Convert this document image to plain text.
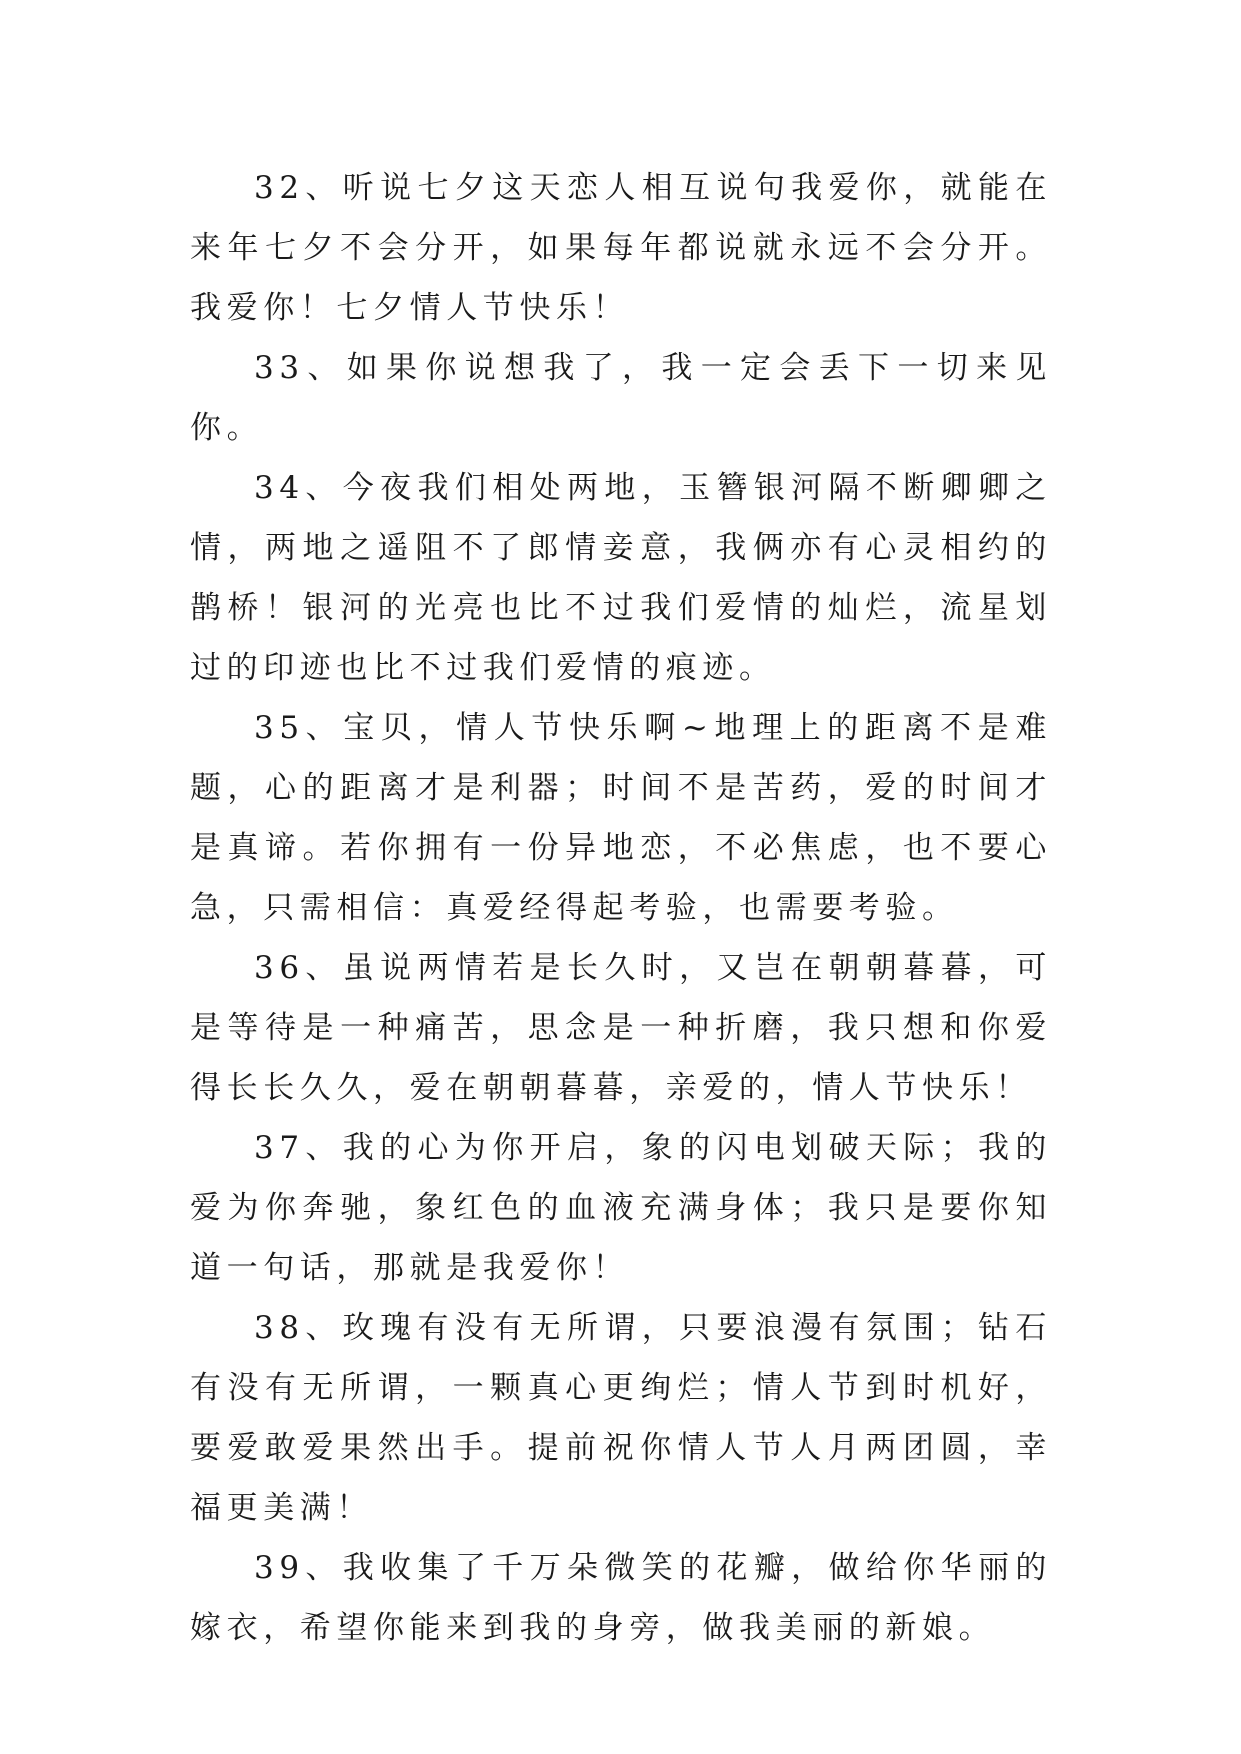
32、听说七夕这天恋人相互说句我爱你，就能在来年七夕不会分开，如果每年都说就永远不会分开。我爱你！七夕情人节快乐！

33、如果你说想我了，我一定会丢下一切来见你。

34、今夜我们相处两地，玉簪银河隔不断卿卿之情，两地之遥阻不了郎情妾意，我俩亦有心灵相约的鹊桥！银河的光亮也比不过我们爱情的灿烂，流星划过的印迹也比不过我们爱情的痕迹。

35、宝贝，情人节快乐啊~地理上的距离不是难题，心的距离才是利器；时间不是苦药，爱的时间才是真谛。若你拥有一份异地恋，不必焦虑，也不要心急，只需相信：真爱经得起考验，也需要考验。

36、虽说两情若是长久时，又岂在朝朝暮暮，可是等待是一种痛苦，思念是一种折磨，我只想和你爱得长长久久，爱在朝朝暮暮，亲爱的，情人节快乐！

37、我的心为你开启，象的闪电划破天际；我的爱为你奔驰，象红色的血液充满身体；我只是要你知道一句话，那就是我爱你！

38、玫瑰有没有无所谓，只要浪漫有氛围；钻石有没有无所谓，一颗真心更绚烂；情人节到时机好，要爱敢爱果然出手。提前祝你情人节人月两团圆，幸福更美满！

39、我收集了千万朵微笑的花瓣，做给你华丽的嫁衣，希望你能来到我的身旁，做我美丽的新娘。
